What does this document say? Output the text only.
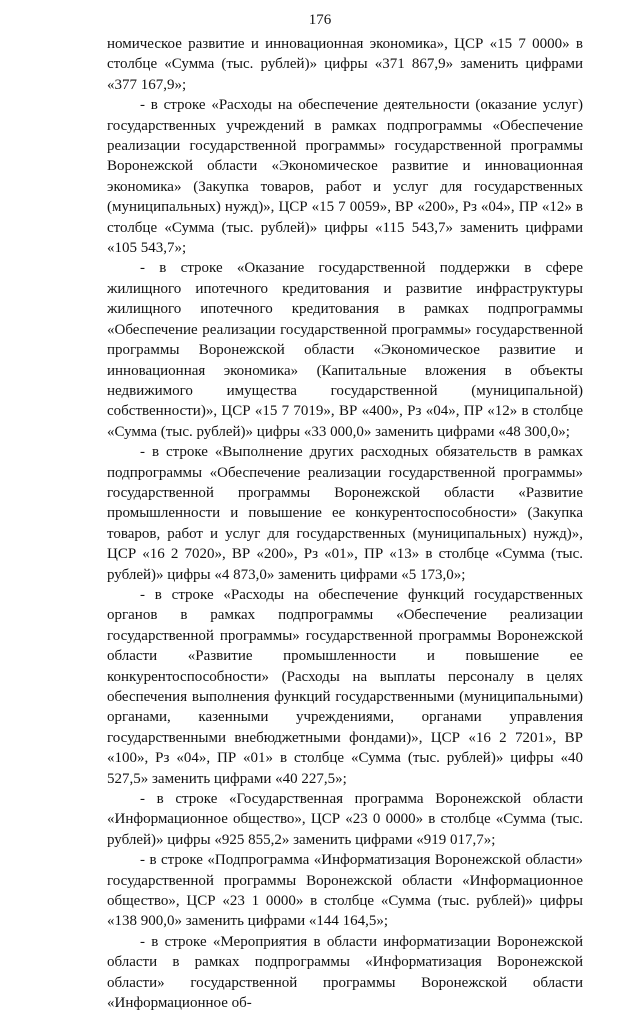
176

номическое развитие и инновационная экономика», ЦСР «15 7 0000» в столбце «Сумма (тыс. рублей)» цифры «371 867,9» заменить цифрами «377 167,9»;

- в строке «Расходы на обеспечение деятельности (оказание услуг) государственных учреждений в рамках подпрограммы «Обеспечение реализации государственной программы» государственной программы Воронежской области «Экономическое развитие и инновационная экономика» (Закупка товаров, работ и услуг для государственных (муниципальных) нужд)», ЦСР «15 7 0059», ВР «200», Рз «04», ПР «12» в столбце «Сумма (тыс. рублей)» цифры «115 543,7» заменить цифрами «105 543,7»;

- в строке «Оказание государственной поддержки в сфере жилищного ипотечного кредитования и развитие инфраструктуры жилищного ипотечного кредитования в рамках подпрограммы «Обеспечение реализации государственной программы» государственной программы Воронежской области «Экономическое развитие и инновационная экономика» (Капитальные вложения в объекты недвижимого имущества государственной (муниципальной) собственности)», ЦСР «15 7 7019», ВР «400», Рз «04», ПР «12» в столбце «Сумма (тыс. рублей)» цифры «33 000,0» заменить цифрами «48 300,0»;

- в строке «Выполнение других расходных обязательств в рамках подпрограммы «Обеспечение реализации государственной программы» государственной программы Воронежской области «Развитие промышленности и повышение ее конкурентоспособности» (Закупка товаров, работ и услуг для государственных (муниципальных) нужд)», ЦСР «16 2 7020», ВР «200», Рз «01», ПР «13» в столбце «Сумма (тыс. рублей)» цифры «4 873,0» заменить цифрами «5 173,0»;

- в строке «Расходы на обеспечение функций государственных органов в рамках подпрограммы «Обеспечение реализации государственной программы» государственной программы Воронежской области «Развитие промышленности и повышение ее конкурентоспособности» (Расходы на выплаты персоналу в целях обеспечения выполнения функций государственными (муниципальными) органами, казенными учреждениями, органами управления государственными внебюджетными фондами)», ЦСР «16 2 7201», ВР «100», Рз «04», ПР «01» в столбце «Сумма (тыс. рублей)» цифры «40 527,5» заменить цифрами «40 227,5»;

- в строке «Государственная программа Воронежской области «Информационное общество», ЦСР «23 0 0000» в столбце «Сумма (тыс. рублей)» цифры «925 855,2» заменить цифрами «919 017,7»;

- в строке «Подпрограмма «Информатизация Воронежской области» государственной программы Воронежской области «Информационное общество», ЦСР «23 1 0000» в столбце «Сумма (тыс. рублей)» цифры «138 900,0» заменить цифрами «144 164,5»;

- в строке «Мероприятия в области информатизации Воронежской области в рамках подпрограммы «Информатизация Воронежской области» государственной программы Воронежской области «Информационное об-
